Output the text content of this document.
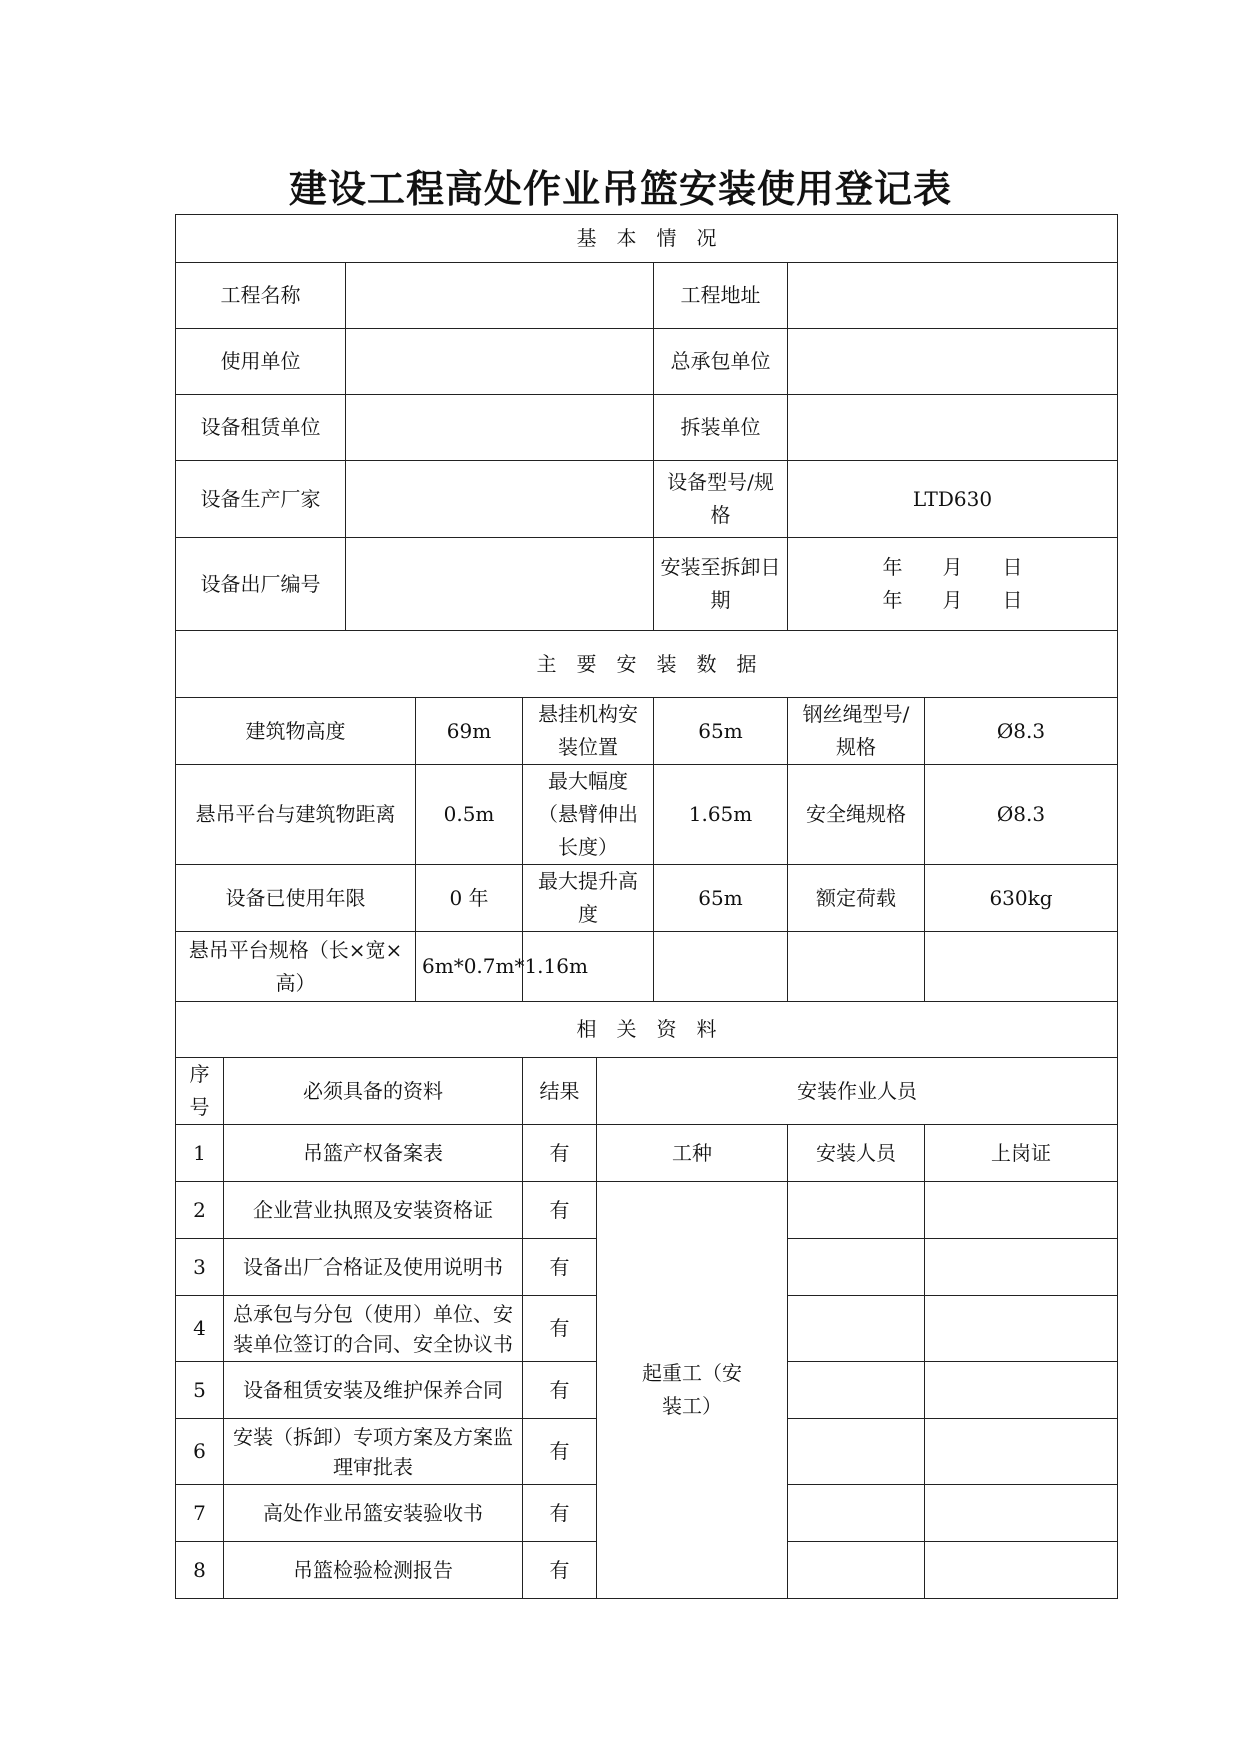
建设工程高处作业吊篮安装使用登记表
基　本　情　况								
工程名称						工程地址		
使用单位						总承包单位		
设备租赁单位						拆装单位		
设备生产厂家						设备型号/规格	LTD630	
设备出厂编号						安装至拆卸日期	年　　月　　日
年　　月　　日	

主　要　安　装　数　据								
建筑物高度			69m	悬挂机构安装位置		65m	钢丝绳型号/规格	Ø8.3
悬吊平台与建筑物距离			0.5m	最大幅度（悬臂伸出长度）		1.65m	安全绳规格	Ø8.3
设备已使用年限			0 年	最大提升高度		65m	额定荷载	630kg
悬吊平台规格（长×宽×高）			6m*0.7m*1.16m					
相　关　资　料								
序号	必须具备的资料			结果	安装作业人员			
1	吊篮产权备案表			有	工种		安装人员	上岗证
2	企业营业执照及安装资格证			有	起重工（安装工）			

3	设备出厂合格证及使用说明书			有				
4	总承包与分包（使用）单位、安装单位签订的合同、安全协议书			有				
5	设备租赁安装及维护保养合同			有				
6	安装（拆卸）专项方案及方案监理审批表			有				
7	高处作业吊篮安装验收书			有				
8	吊篮检验检测报告			有				
